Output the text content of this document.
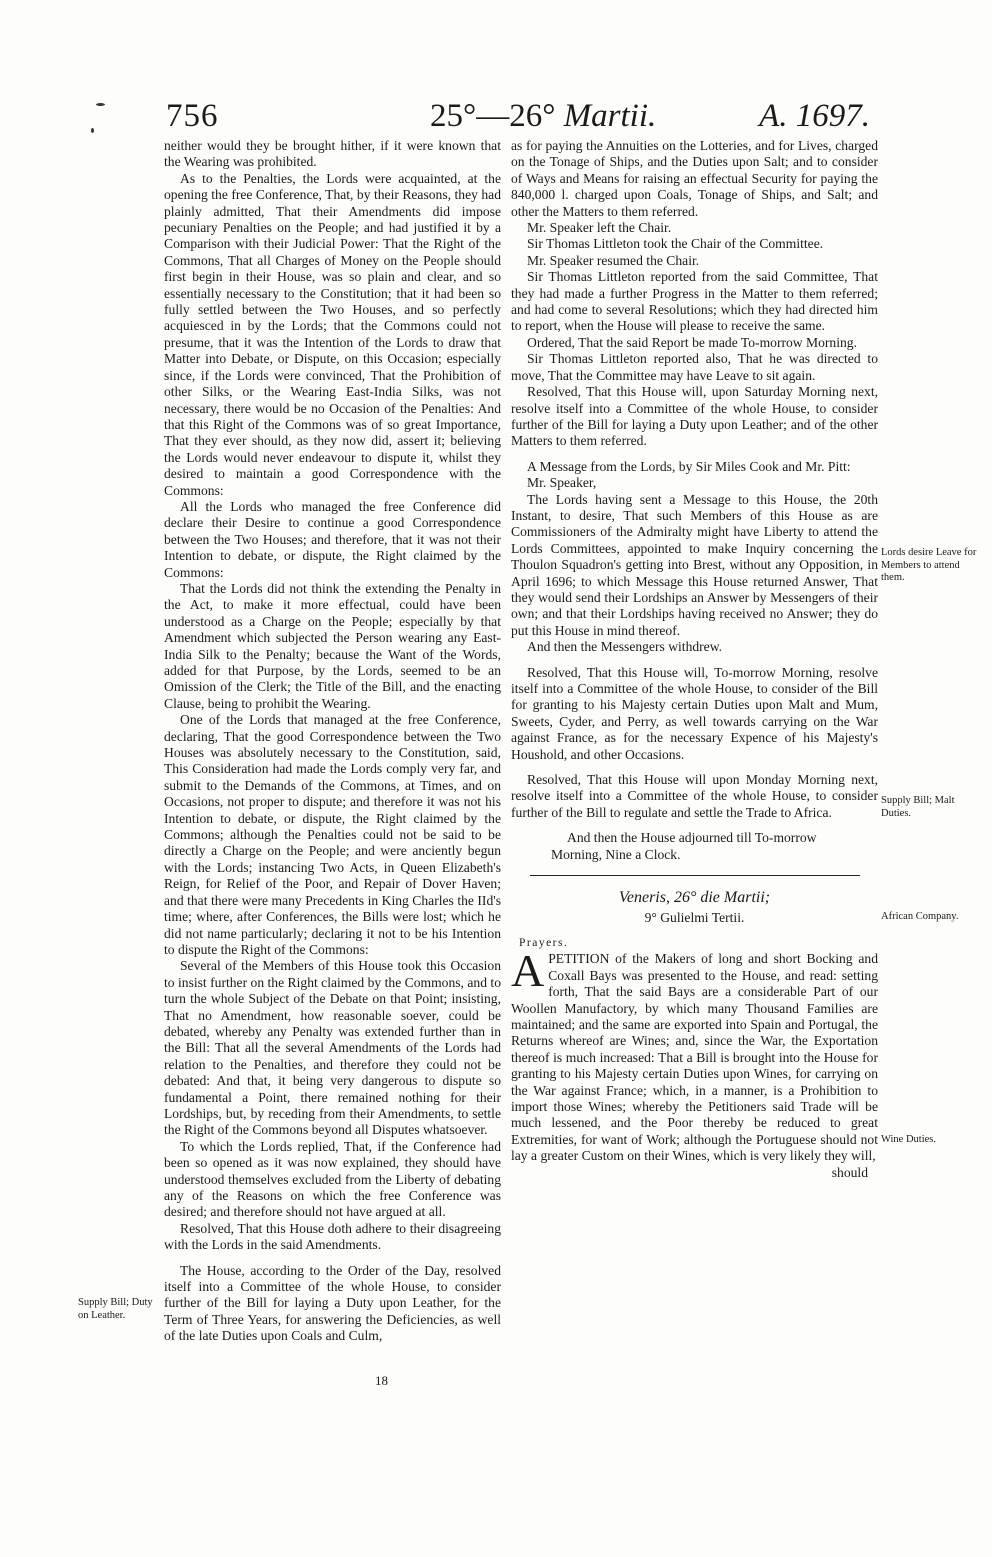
756	25°—26° Martii.	A. 1697.

neither would they be brought hither, if it were known that the Wearing was prohibited.

As to the Penalties, the Lords were acquainted, at the opening the free Conference, That, by their Reasons, they had plainly admitted, That their Amendments did impose pecuniary Penalties on the People; and had justified it by a Comparison with their Judicial Power: That the Right of the Commons, That all Charges of Money on the People should first begin in their House, was so plain and clear, and so essentially necessary to the Constitution; that it had been so fully settled between the Two Houses, and so perfectly acquiesced in by the Lords; that the Commons could not presume, that it was the Intention of the Lords to draw that Matter into Debate, or Dispute, on this Occasion; especially since, if the Lords were convinced, That the Prohibition of other Silks, or the Wearing East-India Silks, was not necessary, there would be no Occasion of the Penalties: And that this Right of the Commons was of so great Importance, That they ever should, as they now did, assert it; believing the Lords would never endeavour to dispute it, whilst they desired to maintain a good Correspondence with the Commons:

All the Lords who managed the free Conference did declare their Desire to continue a good Correspondence between the Two Houses; and therefore, that it was not their Intention to debate, or dispute, the Right claimed by the Commons:

That the Lords did not think the extending the Penalty in the Act, to make it more effectual, could have been understood as a Charge on the People; especially by that Amendment which subjected the Person wearing any East-India Silk to the Penalty; because the Want of the Words, added for that Purpose, by the Lords, seemed to be an Omission of the Clerk; the Title of the Bill, and the enacting Clause, being to prohibit the Wearing.

One of the Lords that managed at the free Conference, declaring, That the good Correspondence between the Two Houses was absolutely necessary to the Constitution, said, This Consideration had made the Lords comply very far, and submit to the Demands of the Commons, at Times, and on Occasions, not proper to dispute; and therefore it was not his Intention to debate, or dispute, the Right claimed by the Commons; although the Penalties could not be said to be directly a Charge on the People; and were anciently begun with the Lords; instancing Two Acts, in Queen Elizabeth's Reign, for Relief of the Poor, and Repair of Dover Haven; and that there were many Precedents in King Charles the IId's time; where, after Conferences, the Bills were lost; which he did not name particularly; declaring it not to be his Intention to dispute the Right of the Commons:

Several of the Members of this House took this Occasion to insist further on the Right claimed by the Commons, and to turn the whole Subject of the Debate on that Point; insisting, That no Amendment, how reasonable soever, could be debated, whereby any Penalty was extended further than in the Bill: That all the several Amendments of the Lords had relation to the Penalties, and therefore they could not be debated: And that, it being very dangerous to dispute so fundamental a Point, there remained nothing for their Lordships, but, by receding from their Amendments, to settle the Right of the Commons beyond all Disputes whatsoever.

To which the Lords replied, That, if the Conference had been so opened as it was now explained, they should have understood themselves excluded from the Liberty of debating any of the Reasons on which the free Conference was desired; and therefore should not have argued at all.

Resolved, That this House doth adhere to their disagreeing with the Lords in the said Amendments.

The House, according to the Order of the Day, resolved itself into a Committee of the whole House, to consider further of the Bill for laying a Duty upon Leather, for the Term of Three Years, for answering the Deficiencies, as well of the late Duties upon Coals and Culm,

as for paying the Annuities on the Lotteries, and for Lives, charged on the Tonage of Ships, and the Duties upon Salt; and to consider of Ways and Means for raising an effectual Security for paying the 840,000 l. charged upon Coals, Tonage of Ships, and Salt; and other the Matters to them referred.

Mr. Speaker left the Chair.

Sir Thomas Littleton took the Chair of the Committee.

Mr. Speaker resumed the Chair.

Sir Thomas Littleton reported from the said Committee, That they had made a further Progress in the Matter to them referred; and had come to several Resolutions; which they had directed him to report, when the House will please to receive the same.

Ordered, That the said Report be made To-morrow Morning.

Sir Thomas Littleton reported also, That he was directed to move, That the Committee may have Leave to sit again.

Resolved, That this House will, upon Saturday Morning next, resolve itself into a Committee of the whole House, to consider further of the Bill for laying a Duty upon Leather; and of the other Matters to them referred.

A Message from the Lords, by Sir Miles Cook and Mr. Pitt:

Mr. Speaker,

The Lords having sent a Message to this House, the 20th Instant, to desire, That such Members of this House as are Commissioners of the Admiralty might have Liberty to attend the Lords Committees, appointed to make Inquiry concerning the Thoulon Squadron's getting into Brest, without any Opposition, in April 1696; to which Message this House returned Answer, That they would send their Lordships an Answer by Messengers of their own; and that their Lordships having received no Answer; they do put this House in mind thereof.

And then the Messengers withdrew.

Resolved, That this House will, To-morrow Morning, resolve itself into a Committee of the whole House, to consider of the Bill for granting to his Majesty certain Duties upon Malt and Mum, Sweets, Cyder, and Perry, as well towards carrying on the War against France, as for the necessary Expence of his Majesty's Houshold, and other Occasions.

Resolved, That this House will upon Monday Morning next, resolve itself into a Committee of the whole House, to consider further of the Bill to regulate and settle the Trade to Africa.

And then the House adjourned till To-morrow Morning, Nine a Clock.

Veneris, 26° die Martii;
9° Gulielmi Tertii.
Prayers.

APETITION of the Makers of long and short Bocking and Coxall Bays was presented to the House, and read: setting forth, That the said Bays are a considerable Part of our Woollen Manufactory, by which many Thousand Families are maintained; and the same are exported into Spain and Portugal, the Returns whereof are Wines; and, since the War, the Exportation thereof is much increased: That a Bill is brought into the House for granting to his Majesty certain Duties upon Wines, for carrying on the War against France; which, in a manner, is a Prohibition to import those Wines; whereby the Petitioners said Trade will be much lessened, and the Poor thereby be reduced to great Extremities, for want of Work; although the Portuguese should not lay a greater Custom on their Wines, which is very likely they will,

should

Lords desire Leave for Members to attend them.
Supply Bill; Malt Duties.
African Company.
Wine Duties.
Supply Bill; Duty on Leather.
18
